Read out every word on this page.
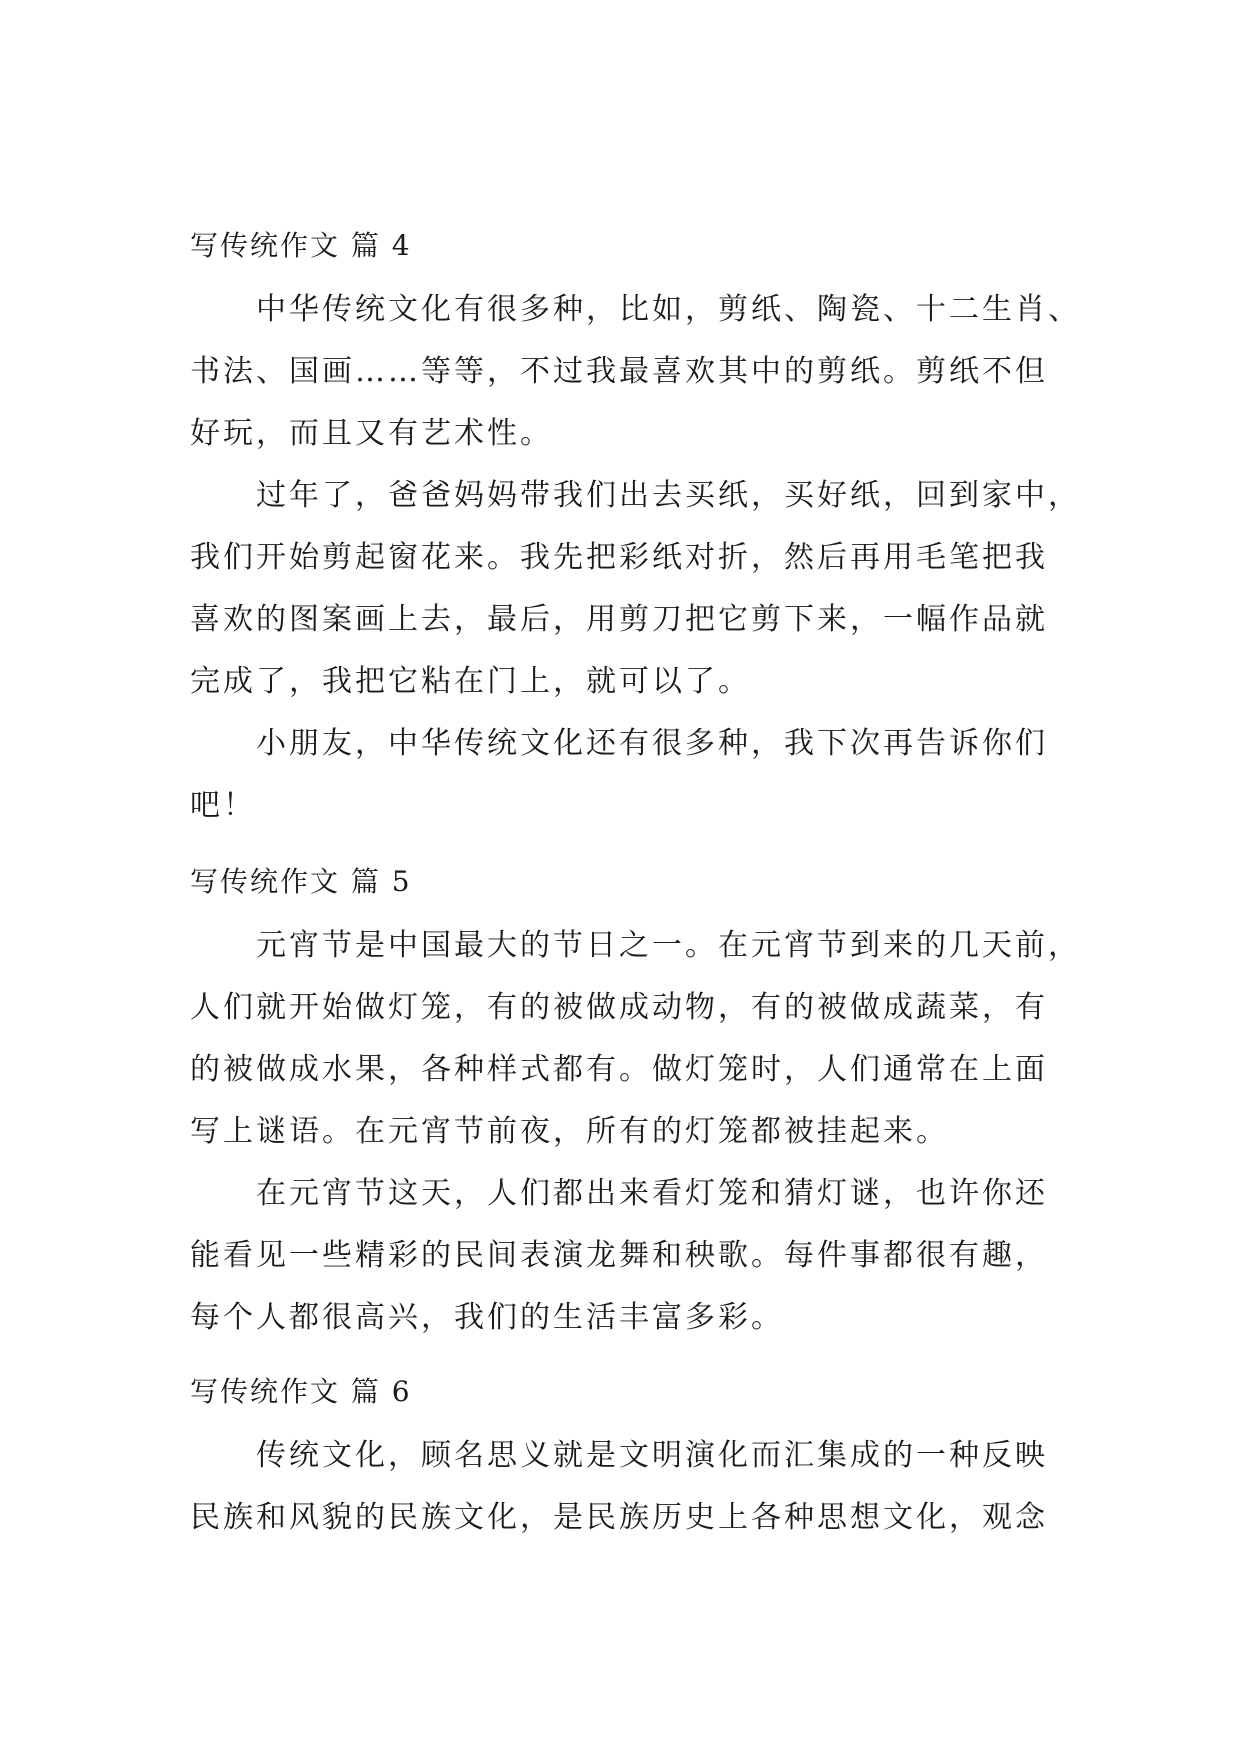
写传统作文 篇 4
中华传统文化有很多种，比如，剪纸、陶瓷、十二生肖、
书法、国画……等等，不过我最喜欢其中的剪纸。剪纸不但
好玩，而且又有艺术性。
过年了，爸爸妈妈带我们出去买纸，买好纸，回到家中，
我们开始剪起窗花来。我先把彩纸对折，然后再用毛笔把我
喜欢的图案画上去，最后，用剪刀把它剪下来，一幅作品就
完成了，我把它粘在门上，就可以了。
小朋友，中华传统文化还有很多种，我下次再告诉你们
吧！
写传统作文 篇 5
元宵节是中国最大的节日之一。在元宵节到来的几天前，
人们就开始做灯笼，有的被做成动物，有的被做成蔬菜，有
的被做成水果，各种样式都有。做灯笼时，人们通常在上面
写上谜语。在元宵节前夜，所有的灯笼都被挂起来。
在元宵节这天，人们都出来看灯笼和猜灯谜，也许你还
能看见一些精彩的民间表演龙舞和秧歌。每件事都很有趣，
每个人都很高兴，我们的生活丰富多彩。
写传统作文 篇 6
传统文化，顾名思义就是文明演化而汇集成的一种反映
民族和风貌的民族文化，是民族历史上各种思想文化，观念
